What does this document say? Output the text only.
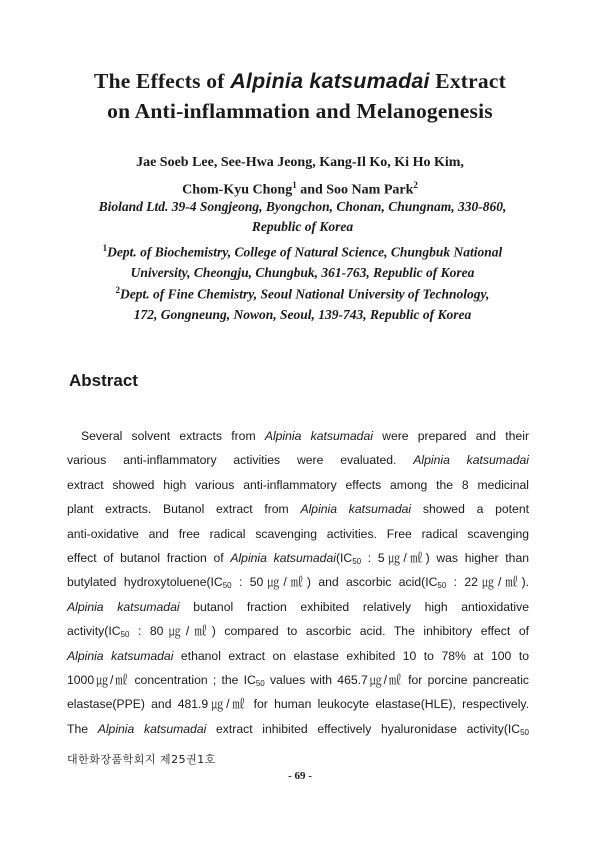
The Effects of Alpinia katsumadai Extract
on Anti-inflammation and Melanogenesis
Jae Soeb Lee, See-Hwa Jeong, Kang-Il Ko, Ki Ho Kim,
Chom-Kyu Chong$^1$ and Soo Nam Park$^2$
Bioland Ltd. 39-4 Songjeong, Byongchon, Chonan, Chungnam, 330-860,
Republic of Korea
$^1$Dept. of Biochemistry, College of Natural Science, Chungbuk National
University, Cheongju, Chungbuk, 361-763, Republic of Korea
$^2$Dept. of Fine Chemistry, Seoul National University of Technology,
172, Gongneung, Nowon, Seoul, 139-743, Republic of Korea
Abstract
Several solvent extracts from Alpinia katsumadai were prepared and their
various anti-inflammatory activities were evaluated. Alpinia katsumadai
extract showed high various anti-inflammatory effects among the 8 medicinal
plant extracts. Butanol extract from Alpinia katsumadai showed a potent
anti-oxidative and free radical scavenging activities. Free radical scavenging
effect of butanol fraction of Alpinia $katsumadai(IC_{50}$ : 5㎍/㎖) was higher than
butylated $hydroxytoluene(IC_{50}$ : 50㎍/㎖) and ascorbic $acid(IC_{50}$ : 22㎍/㎖).
Alpinia katsumadai butanol fraction exhibited relatively high antioxidative
$activity(IC_{50}$ : 80㎍/㎖) compared to ascorbic acid. The inhibitory effect of
Alpinia katsumadai ethanol extract on elastase exhibited 10 to 78% at 100 to
1000㎍/㎖ concentration ; the $IC_{50}$ values with 465.7㎍/㎖ for porcine pancreatic
elastase(PPE) and 481.9㎍/㎖ for human leukocyte elastase(HLE), respectively.
The Alpinia katsumadai extract inhibited effectively hyaluronidase $activity(IC_{50}$
대한화장품학회지 제25권1호
- 69 -
